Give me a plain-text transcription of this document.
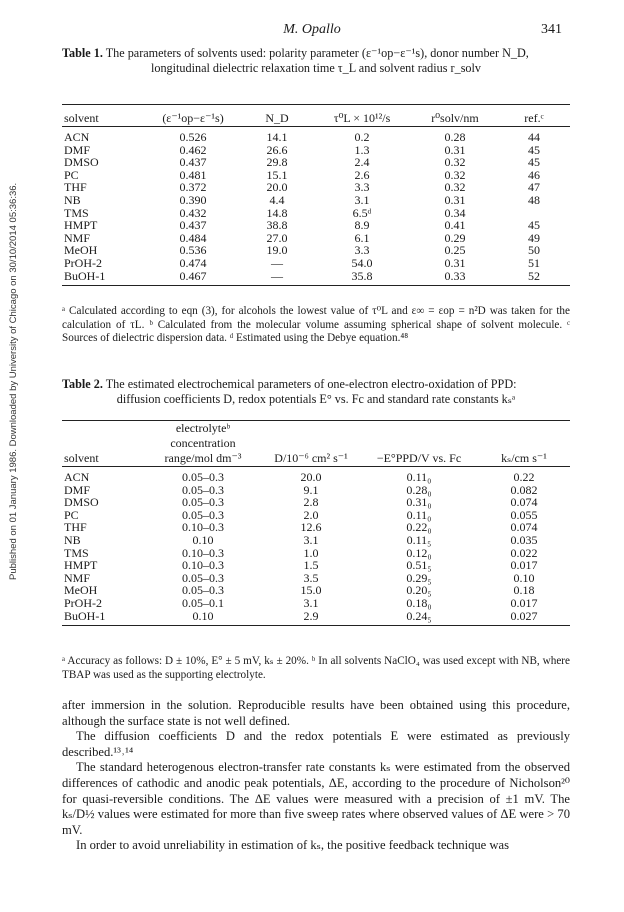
M. Opallo	341
Published on 01 January 1986. Downloaded by University of Chicago on 30/10/2014 05:36:36.
Table 1. The parameters of solvents used: polarity parameter (ε⁻¹op−ε⁻¹s), donor number N_D,
longitudinal dielectric relaxation time τ_L and solvent radius r_solv
solvent	(ε⁻¹op−ε⁻¹s)	N_D	τ⁰L × 10¹²/s	r⁰solv/nm	ref.ᶜ
ACN	0.526	14.1	0.2	0.28	44
DMF	0.462	26.6	1.3	0.31	45
DMSO	0.437	29.8	2.4	0.32	45
PC	0.481	15.1	2.6	0.32	46
THF	0.372	20.0	3.3	0.32	47
NB	0.390	4.4	3.1	0.31	48
TMS	0.432	14.8	6.5ᵈ	0.34	
HMPT	0.437	38.8	8.9	0.41	45
NMF	0.484	27.0	6.1	0.29	49
MeOH	0.536	19.0	3.3	0.25	50
PrOH-2	0.474	—	54.0	0.31	51
BuOH-1	0.467	—	35.8	0.33	52
ᵃ Calculated according to eqn (3), for alcohols the lowest value of τ⁰L and ε∞ = εop = n²D was taken for the calculation of τL. ᵇ Calculated from the molecular volume assuming spherical shape of solvent molecule. ᶜ Sources of dielectric dispersion data. ᵈ Estimated using the Debye equation.⁴⁸
Table 2. The estimated electrochemical parameters of one-electron electro-oxidation of PPD:
diffusion coefficients D, redox potentials E° vs. Fc and standard rate constants kₛᵃ
solvent	electrolyteᵇ
concentration
range/mol dm⁻³	D/10⁻⁶ cm² s⁻¹	−E°PPD/V vs. Fc	kₛ/cm s⁻¹
ACN	0.05–0.3	20.0	0.11₀	0.22
DMF	0.05–0.3	9.1	0.28₀	0.082
DMSO	0.05–0.3	2.8	0.31₀	0.074
PC	0.05–0.3	2.0	0.11₀	0.055
THF	0.10–0.3	12.6	0.22₀	0.074
NB	0.10	3.1	0.11₅	0.035
TMS	0.10–0.3	1.0	0.12₀	0.022
HMPT	0.10–0.3	1.5	0.51₅	0.017
NMF	0.05–0.3	3.5	0.29₅	0.10
MeOH	0.05–0.3	15.0	0.20₅	0.18
PrOH-2	0.05–0.1	3.1	0.18₀	0.017
BuOH-1	0.10	2.9	0.24₅	0.027
ᵃ Accuracy as follows: D ± 10%, E° ± 5 mV, kₛ ± 20%. ᵇ In all solvents NaClO₄ was used except with NB, where TBAP was used as the supporting electrolyte.

after immersion in the solution. Reproducible results have been obtained using this procedure, although the surface state is not well defined.

The diffusion coefficients D and the redox potentials E were estimated as previously described.¹³˒¹⁴

The standard heterogenous electron-transfer rate constants kₛ were estimated from the observed differences of cathodic and anodic peak potentials, ΔE, according to the procedure of Nicholson²⁰ for quasi-reversible conditions. The ΔE values were measured with a precision of ±1 mV. The kₛ/D½ values were estimated for more than five sweep rates where observed values of ΔE were > 70 mV.

In order to avoid unreliability in estimation of kₛ, the positive feedback technique was
